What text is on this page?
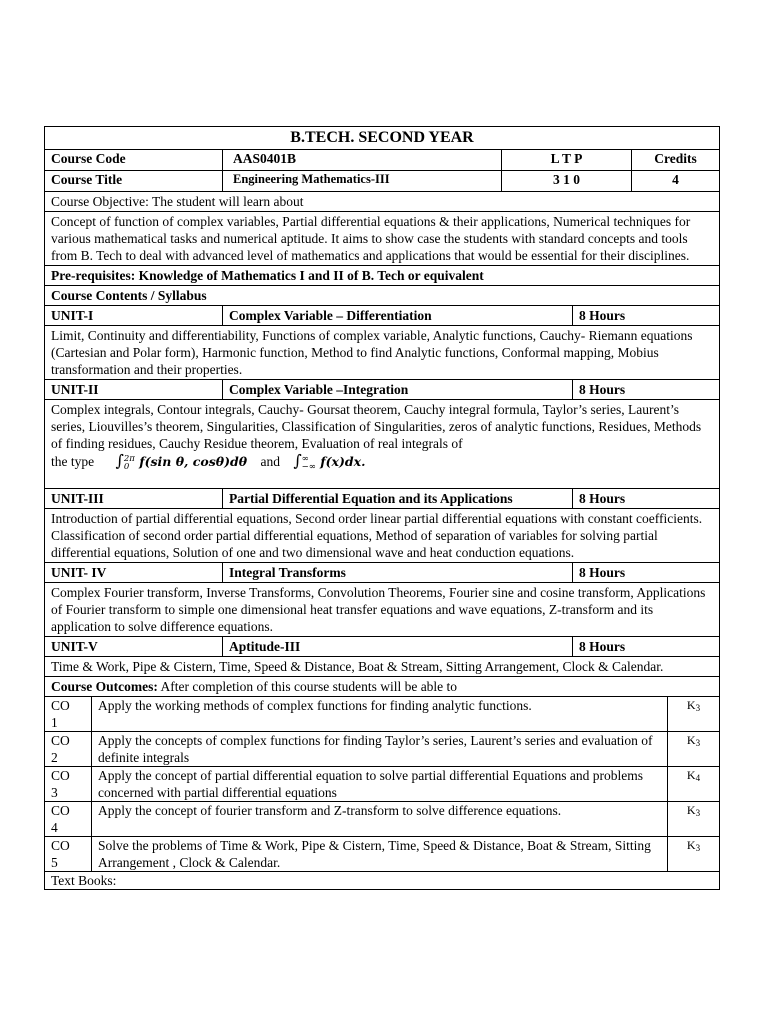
B.TECH. SECOND YEAR				
Course Code	AAS0401B	L T P		Credits
Course Title	Engineering Mathematics-III	3 1 0		4
Course Objective: The student will learn about				
Concept of function of complex variables, Partial differential equations & their applications, Numerical techniques for various mathematical tasks and numerical aptitude. It aims to show case the students with standard concepts and tools from B. Tech to deal with advanced level of mathematics and applications that would be essential for their disciplines.				
Pre-requisites: Knowledge of Mathematics I and II of B. Tech or equivalent				
Course Contents / Syllabus				
UNIT-I	Complex Variable – Differentiation		8 Hours	
Limit, Continuity and differentiability, Functions of complex variable, Analytic functions, Cauchy- Riemann equations (Cartesian and Polar form), Harmonic function, Method to find Analytic functions, Conformal mapping, Mobius transformation and their properties.				
UNIT-II	Complex Variable –Integration		8 Hours	
Complex integrals, Contour integrals, Cauchy- Goursat theorem, Cauchy integral formula, Taylor’s series, Laurent’s series, Liouvilles’s theorem, Singularities, Classification of Singularities, zeros of analytic functions, Residues, Methods of finding residues, Cauchy Residue theorem, Evaluation of real integrals of
the type ∫2π
0 f(sin θ, cosθ)dθ and ∫∞
−∞ f(x)dx.				
UNIT-III	Partial Differential Equation and its Applications		8 Hours	
Introduction of partial differential equations, Second order linear partial differential equations with constant coefficients. Classification of second order partial differential equations, Method of separation of variables for solving partial differential equations, Solution of one and two dimensional wave and heat conduction equations.				
UNIT- IV	Integral Transforms		8 Hours	
Complex Fourier transform, Inverse Transforms, Convolution Theorems, Fourier sine and cosine transform, Applications of Fourier transform to simple one dimensional heat transfer equations and wave equations, Z-transform and its application to solve difference equations.				
UNIT-V	Aptitude-III		8 Hours	
Time & Work, Pipe & Cistern, Time, Speed & Distance, Boat & Stream, Sitting Arrangement, Clock & Calendar.				
Course Outcomes: After completion of this course students will be able to				
CO
1	Apply the working methods of complex functions for finding analytic functions.	$K_3$
CO
2	Apply the concepts of complex functions for finding Taylor’s series, Laurent’s series and evaluation of definite integrals	$K_3$
CO
3	Apply the concept of partial differential equation to solve partial differential Equations and problems concerned with partial differential equations	$K_4$
CO
4	Apply the concept of fourier transform and Z-transform to solve difference equations.	$K_3$
CO
5	Solve the problems of Time & Work, Pipe & Cistern, Time, Speed & Distance, Boat & Stream, Sitting Arrangement , Clock & Calendar.	$K_3$
Text Books:		
